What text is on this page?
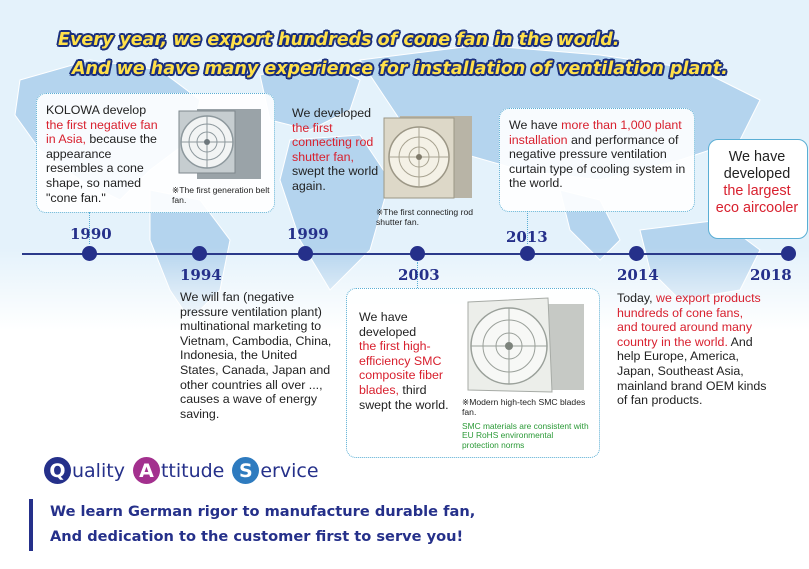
Every year, we export hundreds of cone fan in the world.
And we have many experience for installation of ventilation plant.
1990
1994
1999
2003
2013
2014	2018
KOLOWA develop
the first negative fan in Asia, because the appearance resembles a cone shape, so named "cone fan."
※The first generation belt fan.
We will fan (negative pressure ventilation plant) multinational marketing to Vietnam, Cambodia, China, Indonesia, the United States, Canada, Japan and other countries all over ..., causes a wave of energy saving.
We developed
the first connecting rod shutter fan, swept the world again.
※The first connecting rod shutter fan.
We have developed
the first high-efficiency SMC composite fiber blades, third swept the world.	※Modern high-tech SMC blades fan.
SMC materials are consistent with EU RoHS environmental protection norms
We have more than 1,000 plant installation and performance of negative pressure ventilation curtain type of cooling system in the world.
Today, we export products hundreds of cone fans, and toured around many country in the world. And help Europe, America, Japan, Southeast Asia, mainland brand OEM kinds of fan products.
We have developed
the largest eco aircooler
Q uality A ttitude S ervice
We learn German rigor to manufacture durable fan,
And dedication to the customer first to serve you!
